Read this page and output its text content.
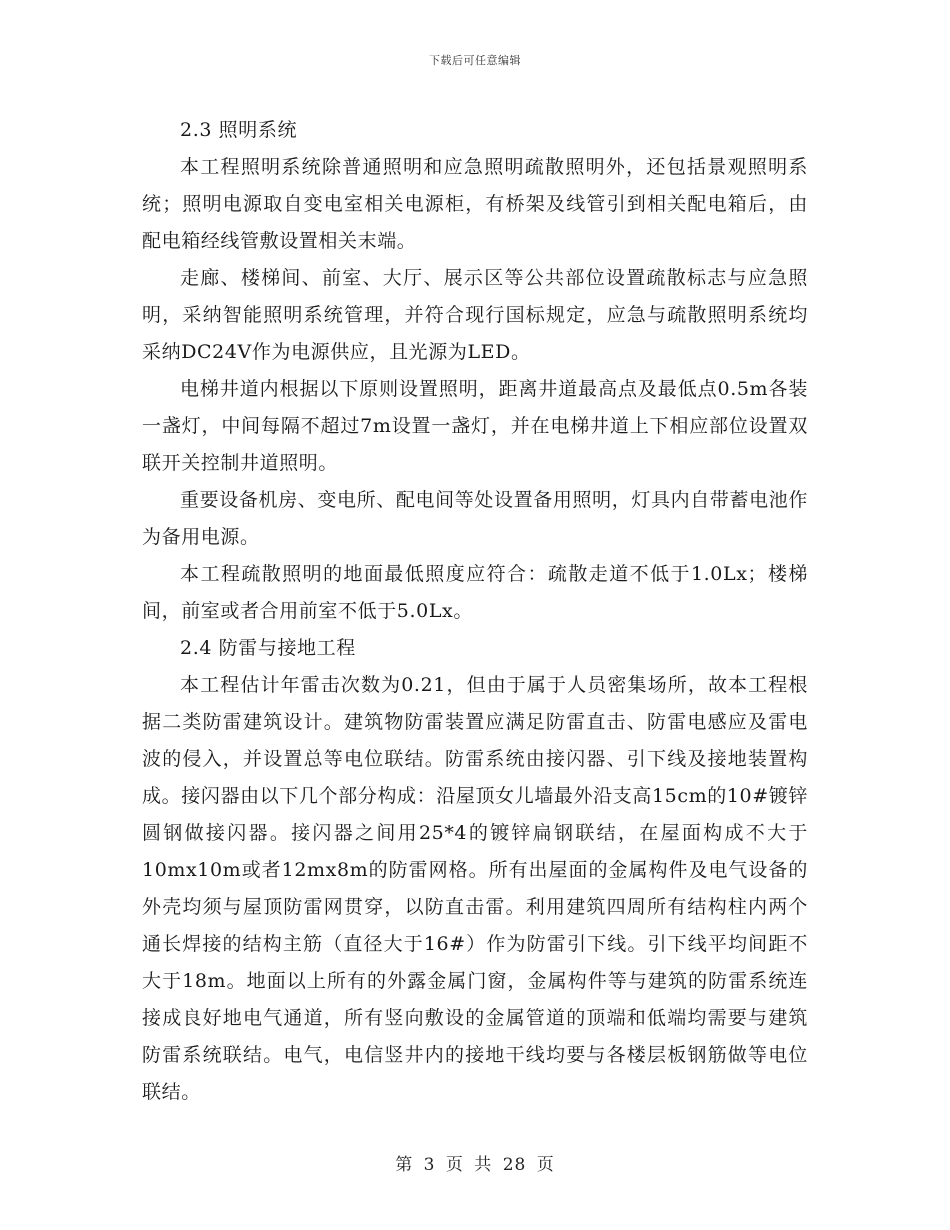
下载后可任意编辑

2.3 照明系统

本工程照明系统除普通照明和应急照明疏散照明外，还包括景观照明系统；照明电源取自变电室相关电源柜，有桥架及线管引到相关配电箱后，由配电箱经线管敷设置相关末端。

走廊、楼梯间、前室、大厅、展示区等公共部位设置疏散标志与应急照明，采纳智能照明系统管理，并符合现行国标规定，应急与疏散照明系统均采纳DC24V作为电源供应，且光源为LED。

电梯井道内根据以下原则设置照明，距离井道最高点及最低点0.5m各装一盏灯，中间每隔不超过7m设置一盏灯，并在电梯井道上下相应部位设置双联开关控制井道照明。

重要设备机房、变电所、配电间等处设置备用照明，灯具内自带蓄电池作为备用电源。

本工程疏散照明的地面最低照度应符合：疏散走道不低于1.0Lx；楼梯间，前室或者合用前室不低于5.0Lx。

2.4 防雷与接地工程

本工程估计年雷击次数为0.21，但由于属于人员密集场所，故本工程根据二类防雷建筑设计。建筑物防雷装置应满足防雷直击、防雷电感应及雷电波的侵入，并设置总等电位联结。防雷系统由接闪器、引下线及接地装置构成。接闪器由以下几个部分构成：沿屋顶女儿墙最外沿支高15cm的10#镀锌圆钢做接闪器。接闪器之间用25*4的镀锌扁钢联结，在屋面构成不大于10mx10m或者12mx8m的防雷网格。所有出屋面的金属构件及电气设备的外壳均须与屋顶防雷网贯穿，以防直击雷。利用建筑四周所有结构柱内两个通长焊接的结构主筋（直径大于16#）作为防雷引下线。引下线平均间距不大于18m。地面以上所有的外露金属门窗，金属构件等与建筑的防雷系统连接成良好地电气通道，所有竖向敷设的金属管道的顶端和低端均需要与建筑防雷系统联结。电气，电信竖井内的接地干线均要与各楼层板钢筋做等电位联结。

第 3 页 共 28 页
